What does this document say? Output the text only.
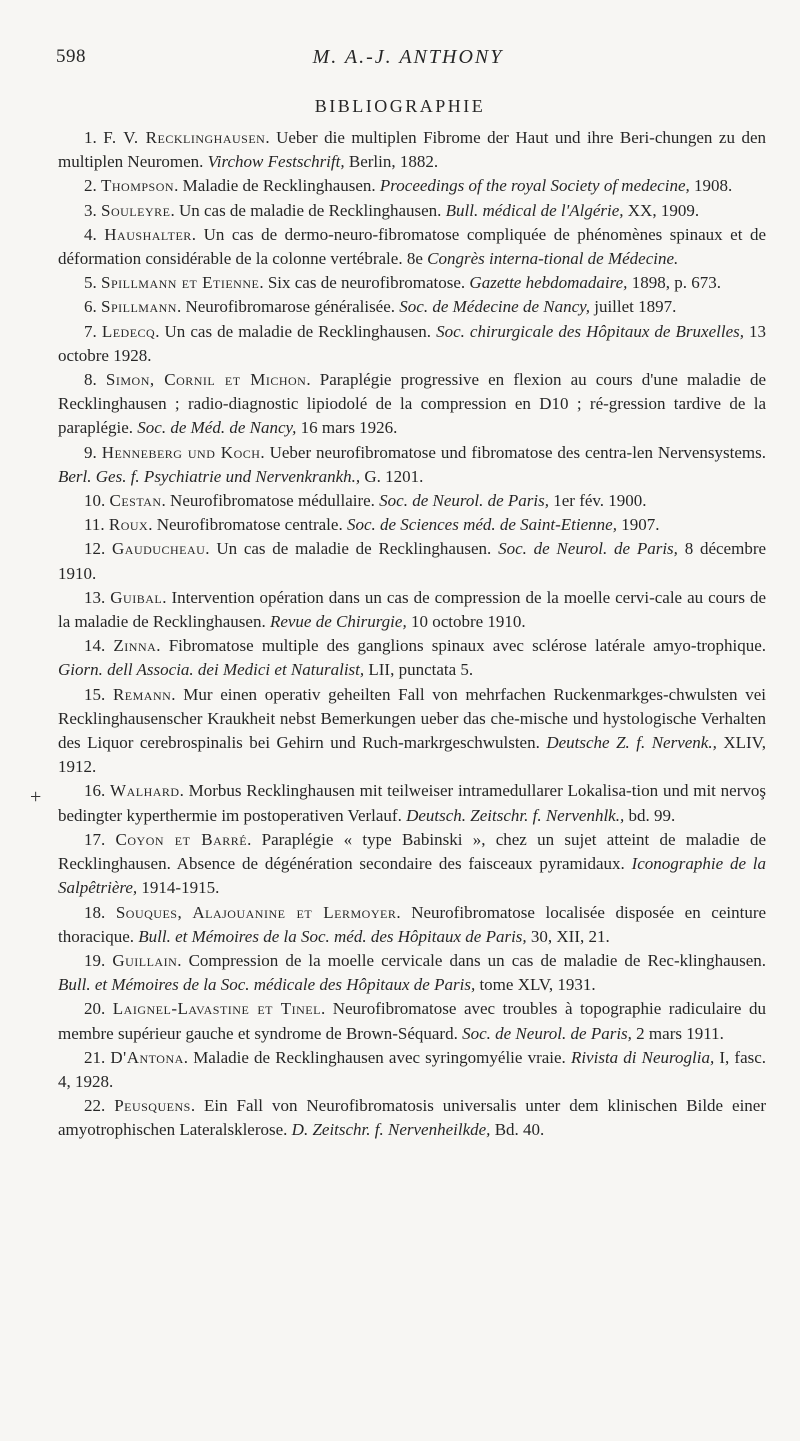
598	M. A.-J. ANTHONY
BIBLIOGRAPHIE
+

1. F. V. Recklinghausen. Ueber die multiplen Fibrome der Haut und ihre Beri-chungen zu den multiplen Neuromen. Virchow Festschrift, Berlin, 1882.

2. Thompson. Maladie de Recklinghausen. Proceedings of the royal Society of medecine, 1908.

3. Souleyre. Un cas de maladie de Recklinghausen. Bull. médical de l'Algérie, XX, 1909.

4. Haushalter. Un cas de dermo-neuro-fibromatose compliquée de phénomènes spinaux et de déformation considérable de la colonne vertébrale. 8e Congrès interna-tional de Médecine.

5. Spillmann et Etienne. Six cas de neurofibromatose. Gazette hebdomadaire, 1898, p. 673.

6. Spillmann. Neurofibromarose généralisée. Soc. de Médecine de Nancy, juillet 1897.

7. Ledecq. Un cas de maladie de Recklinghausen. Soc. chirurgicale des Hôpitaux de Bruxelles, 13 octobre 1928.

8. Simon, Cornil et Michon. Paraplégie progressive en flexion au cours d'une maladie de Recklinghausen ; radio-diagnostic lipiodolé de la compression en D10 ; ré-gression tardive de la paraplégie. Soc. de Méd. de Nancy, 16 mars 1926.

9. Henneberg und Koch. Ueber neurofibromatose und fibromatose des centra-len Nervensystems. Berl. Ges. f. Psychiatrie und Nervenkrankh., G. 1201.

10. Cestan. Neurofibromatose médullaire. Soc. de Neurol. de Paris, 1er fév. 1900.

11. Roux. Neurofibromatose centrale. Soc. de Sciences méd. de Saint-Etienne, 1907.

12. Gauducheau. Un cas de maladie de Recklinghausen. Soc. de Neurol. de Paris, 8 décembre 1910.

13. Guibal. Intervention opération dans un cas de compression de la moelle cervi-cale au cours de la maladie de Recklinghausen. Revue de Chirurgie, 10 octobre 1910.

14. Zinna. Fibromatose multiple des ganglions spinaux avec sclérose latérale amyo-trophique. Giorn. dell Associa. dei Medici et Naturalist, LII, punctata 5.

15. Remann. Mur einen operativ geheilten Fall von mehrfachen Ruckenmarkges-chwulsten vei Recklinghausenscher Kraukheit nebst Bemerkungen ueber das che-mische und hystologische Verhalten des Liquor cerebrospinalis bei Gehirn und Ruch-markrgeschwulsten. Deutsche Z. f. Nervenk., XLIV, 1912.

16. Walhard. Morbus Recklinghausen mit teilweiser intramedullarer Lokalisa-tion und mit nervoş bedingter kyperthermie im postoperativen Verlauf. Deutsch. Zeitschr. f. Nervenhlk., bd. 99.

17. Coyon et Barré. Paraplégie « type Babinski », chez un sujet atteint de maladie de Recklinghausen. Absence de dégénération secondaire des faisceaux pyramidaux. Iconographie de la Salpêtrière, 1914-1915.

18. Souques, Alajouanine et Lermoyer. Neurofibromatose localisée disposée en ceinture thoracique. Bull. et Mémoires de la Soc. méd. des Hôpitaux de Paris, 30, XII, 21.

19. Guillain. Compression de la moelle cervicale dans un cas de maladie de Rec-klinghausen. Bull. et Mémoires de la Soc. médicale des Hôpitaux de Paris, tome XLV, 1931.

20. Laignel-Lavastine et Tinel. Neurofibromatose avec troubles à topographie radiculaire du membre supérieur gauche et syndrome de Brown-Séquard. Soc. de Neurol. de Paris, 2 mars 1911.

21. D'Antona. Maladie de Recklinghausen avec syringomyélie vraie. Rivista di Neuroglia, I, fasc. 4, 1928.

22. Peusquens. Ein Fall von Neurofibromatosis universalis unter dem klinischen Bilde einer amyotrophischen Lateralsklerose. D. Zeitschr. f. Nervenheilkde, Bd. 40.
